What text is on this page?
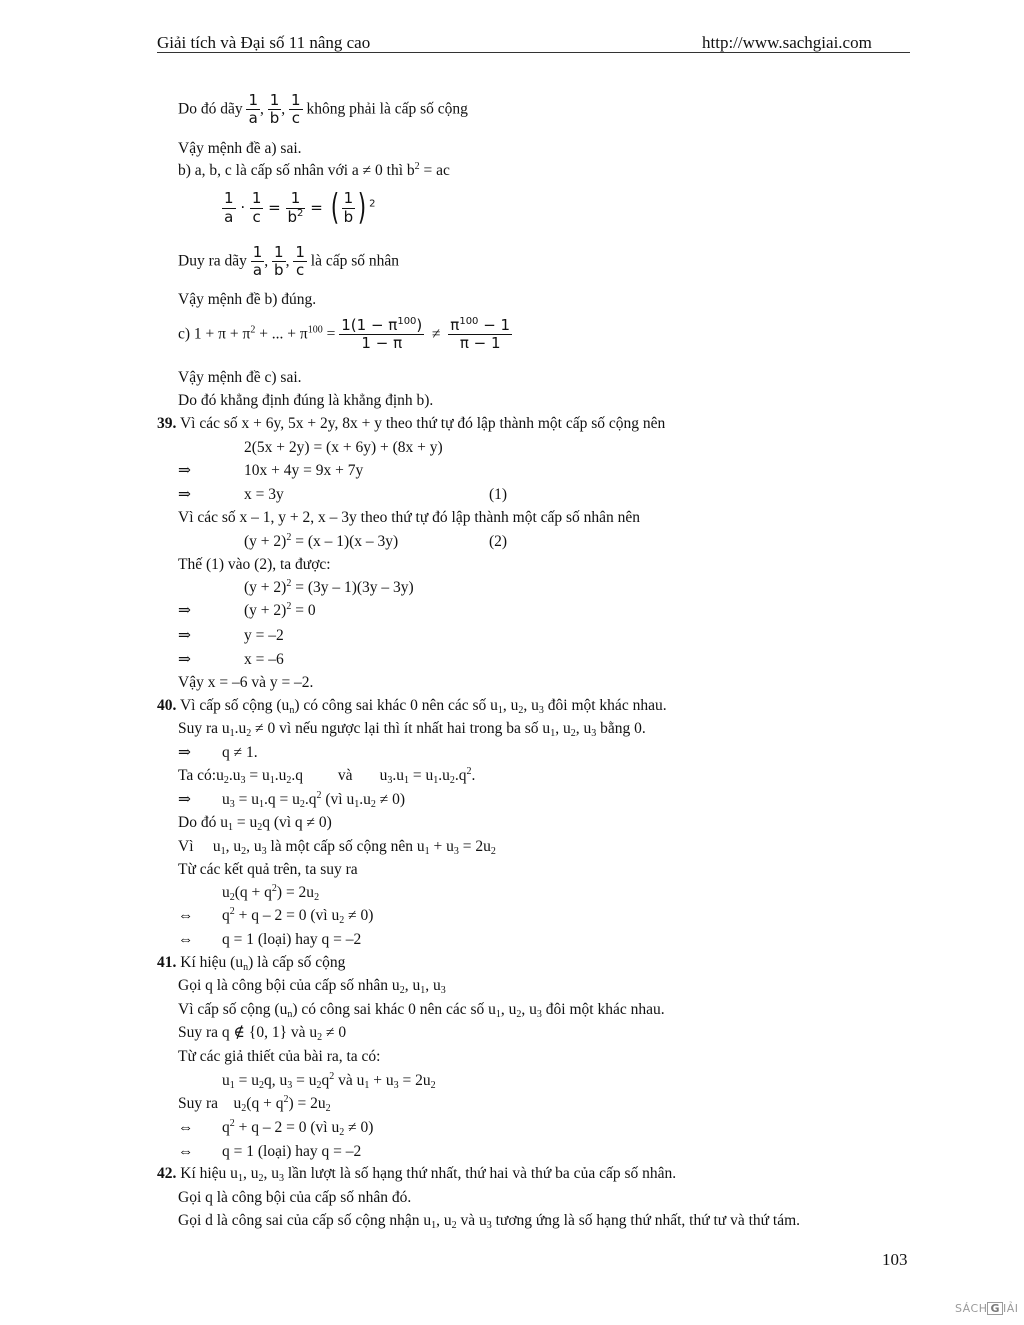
Giải tích và Đại số 11 nâng cao	http://www.sachgiai.com
Do đó dãy $\frac{1}{a}$ , $\frac{1}{b}$ , $\frac{1}{c}$ không phải là cấp số cộng
Vậy mệnh đề a) sai.
b) a, b, c là cấp số nhân với a ≠ 0 thì $b^2$ = ac
$\frac{1}{a} \cdot \frac{1}{c} = \frac{1}{b^2}$ = ( $\frac{1}{b}$ ) $^2$
Duy ra dãy $\frac{1}{a}$ , $\frac{1}{b}$ , $\frac{1}{c}$ là cấp số nhân
Vậy mệnh đề b) đúng.
c) $1 + \pi + \pi^2$ + ... + $\pi^{100} = \frac{1(1 - \pi^{100})}{1 - \pi} \ne \frac{\pi^{100} - 1}{\pi - 1}$
Vậy mệnh đề c) sai.
Do đó khẳng định đúng là khẳng định b).
39. Vì các số x + 6y, 5x + 2y, 8x + y theo thứ tự đó lập thành một cấp số cộng nên
2(5x + 2y) = (x + 6y) + (8x + y)
⇒	10x + 4y = 9x + 7y
⇒	x = 3y	(1)
Vì các số x – 1, y + 2, x – 3y theo thứ tự đó lập thành một cấp số nhân nên
$(y + 2)^2 = (x - 1)(x - 3y)$	(2)
Thế (1) vào (2), ta được:
$(y + 2)^2 = (3y - 1)(3y - 3y)$
⇒	$(y + 2)^2 = 0$
⇒	y = –2
⇒	x = –6
Vậy x = –6 và y = –2.
40. Vì cấp số cộng $(u_n)$ có công sai khác 0 nên các số $u_1$, $u_2$, $u_3$ đôi một khác nhau.
Suy ra $u_1.u_2 \ne 0$ vì nếu ngược lại thì ít nhất hai trong ba số $u_1$, $u_2$, $u_3$ bằng 0.
⇒ q ≠ 1.
Ta $có:u_2.u_3 = u_1.u_2.q$         và       $u_3.u_1 = u_1.u_2.q^2$.
⇒ $u_3 = u_1.q = u_2.q^2$ (vì $u_1.u_2 \ne 0$)
Do đó $u_1 = u_2q$ (vì q ≠ 0)
Vì     $u_1$, $u_2$, $u_3$ là một cấp số cộng nên $u_1 + u_3 = 2u_2$
Từ các kết quả trên, ta suy ra
$u_2(q + q^2) = 2u_2$
⇔ $q^2 + q - 2 = 0$ (vì $u_2 \ne 0$)
⇔ q = 1 (loại) hay q = –2
41. Kí hiệu $(u_n)$ là cấp số cộng
Gọi q là công bội của cấp số nhân $u_2$, $u_1$, $u_3$
Vì cấp số cộng $(u_n)$ có công sai khác 0 nên các số $u_1$, $u_2$, $u_3$ đôi một khác nhau.
Suy ra q ∉ {0, 1} và $u_2 \ne 0$
Từ các giả thiết của bài ra, ta có:
$u_1 = u_2q$, $u_3 = u_2q^2$ và $u_1 + u_3 = 2u_2$
Suy ra    $u_2(q + q^2) = 2u_2$
⇔ $q^2 + q - 2 = 0$ (vì $u_2 \ne 0$)
⇔ q = 1 (loại) hay q = –2
42. Kí hiệu $u_1$, $u_2$, $u_3$ lần lượt là số hạng thứ nhất, thứ hai và thứ ba của cấp số nhân.
Gọi q là công bội của cấp số nhân đó.
Gọi d là công sai của cấp số cộng nhận $u_1$, $u_2$ và $u_3$ tương ứng là số hạng thứ nhất, thứ tư và thứ tám.
103
SÁCH G IẢI
